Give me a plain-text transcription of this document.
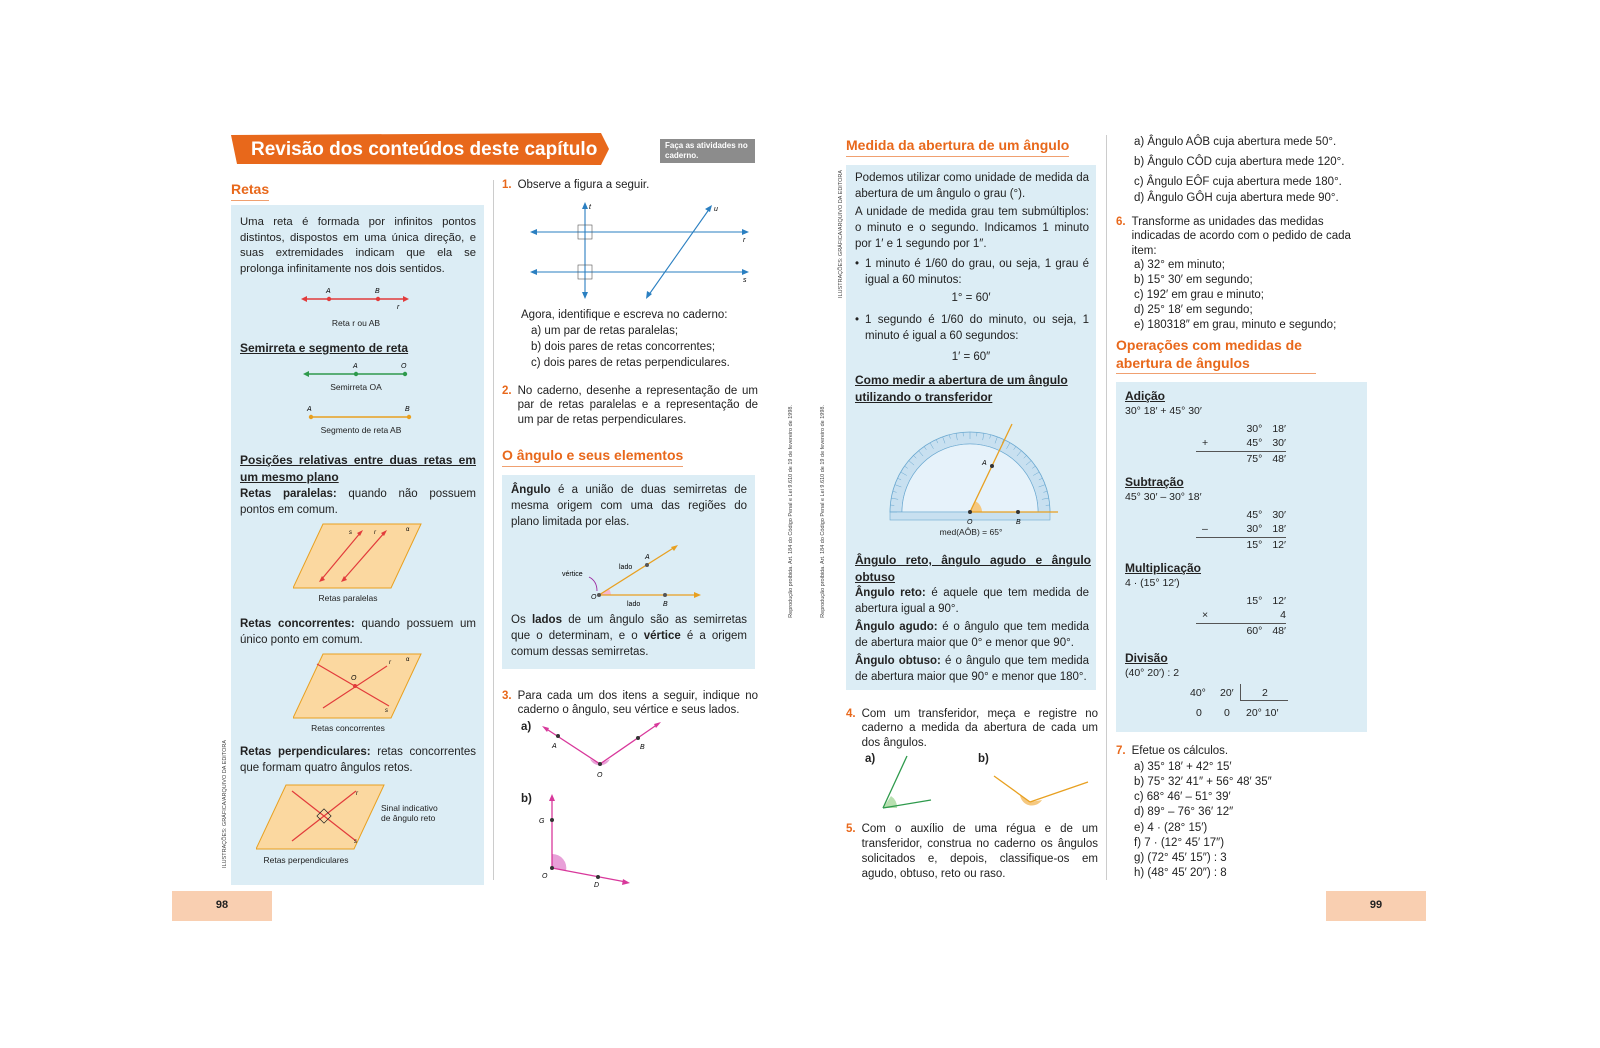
Revisão dos conteúdos deste capítulo	Faça as atividades no caderno.
Retas
Uma reta é formada por infinitos pontos distintos, dispostos em uma única direção, e suas extremidades indicam que ela se prolonga infinitamente nos dois sentidos.
A	B
r
Reta r ou AB
Semirreta e segmento de reta
A	O
Semirreta OA
A	B
Segmento de reta AB
Posições relativas entre duas retas em um mesmo plano
Retas paralelas: quando não possuem pontos em comum.
s	r	α
Retas paralelas
Retas concorrentes: quando possuem um único ponto em comum.
O
r
s
α
Retas concorrentes
Retas perpendiculares: retas concorrentes que formam quatro ângulos retos.
r
s
Sinal indicativo de ângulo reto
Retas perpendiculares
ILUSTRAÇÕES: GRÁFICA/ARQUIVO DA EDITORA
1. Observe a figura a seguir.
t	u
r
s
Agora, identifique e escreva no caderno:
a) um par de retas paralelas;
b) dois pares de retas concorrentes;
c) dois pares de retas perpendiculares.
2. No caderno, desenhe a representação de um par de retas paralelas e a representação de um par de retas perpendiculares.
O ângulo e seus elementos
Ângulo é a união de duas semirretas de mesma origem com uma das regiões do plano limitada por elas.
vértice
lado
lado
A
O
B
Os lados de um ângulo são as semirretas que o determinam, e o vértice é a origem comum dessas semirretas.
3. Para cada um dos itens a seguir, indique no caderno o ângulo, seu vértice e seus lados.
a)
A
O
B
b)
G
O
D
Reprodução proibida. Art. 184 do Código Penal e Lei 9.610 de 19 de fevereiro de 1998.	Reprodução proibida. Art. 184 do Código Penal e Lei 9.610 de 19 de fevereiro de 1998.
Medida da abertura de um ângulo
ILUSTRAÇÕES: GRÁFICA/ARQUIVO DA EDITORA Podemos utilizar como unidade de medida da abertura de um ângulo o grau (°).
A unidade de medida grau tem submúltiplos: o minuto e o segundo. Indicamos 1 minuto por 1′ e 1 segundo por 1″.
• 1 minuto é 1/60 do grau, ou seja, 1 grau é igual a 60 minutos:
1° = 60′
• 1 segundo é 1/60 do minuto, ou seja, 1 minuto é igual a 60 segundos:
1′ = 60″
Como medir a abertura de um ângulo utilizando o transferidor
A
O	B
med(AÔB) = 65°
Ângulo reto, ângulo agudo e ângulo obtuso
Ângulo reto: é aquele que tem medida de abertura igual a 90°.
Ângulo agudo: é o ângulo que tem medida de abertura maior que 0° e menor que 90°.
Ângulo obtuso: é o ângulo que tem medida de abertura maior que 90° e menor que 180°.
4. Com um transferidor, meça e registre no caderno a medida da abertura de cada um dos ângulos.
a)	b)
5. Com o auxílio de uma régua e de um transferidor, construa no caderno os ângulos solicitados e, depois, classifique-os em agudo, obtuso, reto ou raso.
a) Ângulo AÔB cuja abertura mede 50°.
b) Ângulo CÔD cuja abertura mede 120°.
c) Ângulo EÔF cuja abertura mede 180°.
d) Ângulo GÔH cuja abertura mede 90°.
6. Transforme as unidades das medidas indicadas de acordo com o pedido de cada item:
a) 32° em minuto;
b) 15° 30′ em segundo;
c) 192′ em grau e minuto;
d) 25° 18′ em segundo;
e) 180318″ em grau, minuto e segundo;
Operações com medidas de abertura de ângulos
Adição
30° 18′ + 45° 30′
30° 18′
+	45° 30′
75° 48′
Subtração
45° 30′ – 30° 18′
45° 30′
–	30° 18′
15° 12′
Multiplicação
4 · (15° 12′)
15° 12′
×	4
60° 48′
Divisão
(40° 20′) : 2
40° 20′	2
0 0 20° 10′
7. Efetue os cálculos.
a) 35° 18′ + 42° 15′
b) 75° 32′ 41″ + 56° 48′ 35″
c) 68° 46′ – 51° 39′
d) 89° – 76° 36′ 12″
e) 4 · (28° 15′)
f) 7 · (12° 45′ 17″)
g) (72° 45′ 15″) : 3
h) (48° 45′ 20″) : 8
98	99
